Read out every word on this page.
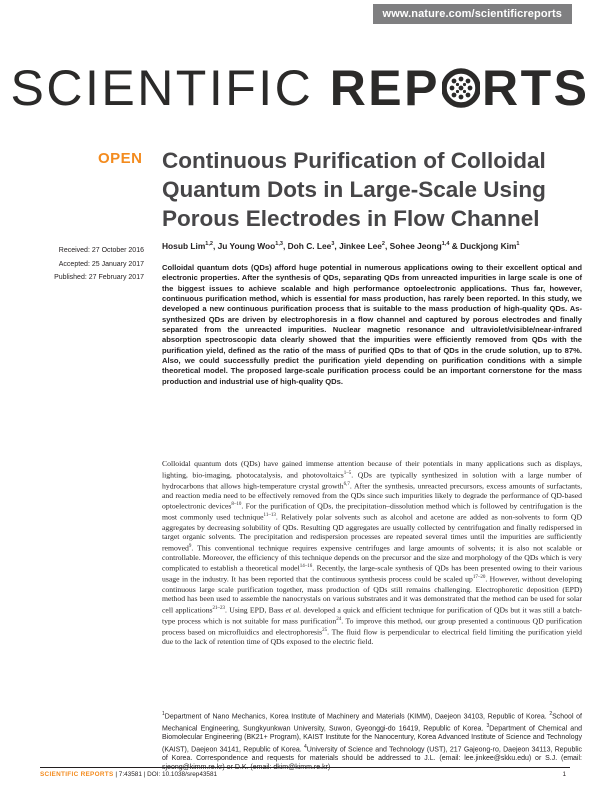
www.nature.com/scientificreports
SCIENTIFIC REP RTS
OPEN Continuous Purification of Colloidal Quantum Dots in Large-Scale Using Porous Electrodes in Flow Channel
Received: 27 October 2016
Accepted: 25 January 2017
Published: 27 February 2017
Hosub Lim$^{1,2}$, Ju Young Woo$^{1,3}$, Doh C. Lee$^3$, Jinkee Lee$^2$, Sohee Jeong$^{1,4}$ & Duckjong Kim$^1$
Colloidal quantum dots (QDs) afford huge potential in numerous applications owing to their excellent optical and electronic properties. After the synthesis of QDs, separating QDs from unreacted impurities in large scale is one of the biggest issues to achieve scalable and high performance optoelectronic applications. Thus far, however, continuous purification method, which is essential for mass production, has rarely been reported. In this study, we developed a new continuous purification process that is suitable to the mass production of high-quality QDs. As-synthesized QDs are driven by electrophoresis in a flow channel and captured by porous electrodes and finally separated from the unreacted impurities. Nuclear magnetic resonance and ultraviolet/visible/near-infrared absorption spectroscopic data clearly showed that the impurities were efficiently removed from QDs with the purification yield, defined as the ratio of the mass of purified QDs to that of QDs in the crude solution, up to 87%. Also, we could successfully predict the purification yield depending on purification conditions with a simple theoretical model. The proposed large-scale purification process could be an important cornerstone for the mass production and industrial use of high-quality QDs.
Colloidal quantum dots (QDs) have gained immense attention because of their potentials in many applications such as displays, lighting, bio-imaging, photocatalysis, and photovoltaics$^{1-5}$. QDs are typically synthesized in solution with a large number of hydrocarbons that allows high-temperature crystal growth$^{6,7}$. After the synthesis, unreacted precursors, excess amounts of surfactants, and reaction media need to be effectively removed from the QDs since such impurities likely to degrade the performance of QD-based optoelectronic devices$^{8-10}$. For the purification of QDs, the precipitation–dissolution method which is followed by centrifugation is the most commonly used technique$^{11-13}$. Relatively polar solvents such as alcohol and acetone are added as non-solvents to form QD aggregates by decreasing solubility of QDs. Resulting QD aggregates are usually collected by centrifugation and finally redispersed in target organic solvents. The precipitation and redispersion processes are repeated several times until the impurities are sufficiently removed$^9$. This conventional technique requires expensive centrifuges and large amounts of solvents; it is also not scalable or controllable. Moreover, the efficiency of this technique depends on the precursor and the size and morphology of the QDs which is very complicated to establish a theoretical model$^{14-16}$. Recently, the large-scale synthesis of QDs has been presented owing to their various usage in the industry. It has been reported that the continuous synthesis process could be scaled $up^{17-20}$. However, without developing continuous large scale purification together, mass production of QDs still remains challenging. Electrophoretic deposition (EPD) method has been used to assemble the nanocrystals on various substrates and it was demonstrated that the method can be used for solar cell applications$^{21-23}$. Using EPD, Bass et al. developed a quick and efficient technique for purification of QDs but it was still a batch-type process which is not suitable for mass purification$^{24}$. To improve this method, our group presented a continuous QD purification process based on microfluidics and electrophoresis$^{25}$. The fluid flow is perpendicular to electrical field limiting the purification yield due to the lack of retention time of QDs exposed to the electric field.
$^1$Department of Nano Mechanics, Korea Institute of Machinery and Materials (KIMM), Daejeon 34103, Republic of Korea. $^2$School of Mechanical Engineering, Sungkyunkwan University, Suwon, Gyeonggi-do 16419, Republic of Korea. $^3$Department of Chemical and Biomolecular Engineering (BK21+ Program), KAIST Institute for the Nanocentury, Korea Advanced Institute of Science and Technology (KAIST), Daejeon 34141, Republic of Korea. $^4$University of Science and Technology (UST), 217 Gajeong-ro, Daejeon 34113, Republic of Korea. Correspondence and requests for materials should be addressed to J.L. (email: lee.jinkee@skku.edu) or S.J. (email: sjeong@kimm.re.kr) or D.K. (email: dkim@kimm.re.kr)
SCIENTIFIC REPORTS | 7:43581 | DOI: 10.1038/srep43581	1
